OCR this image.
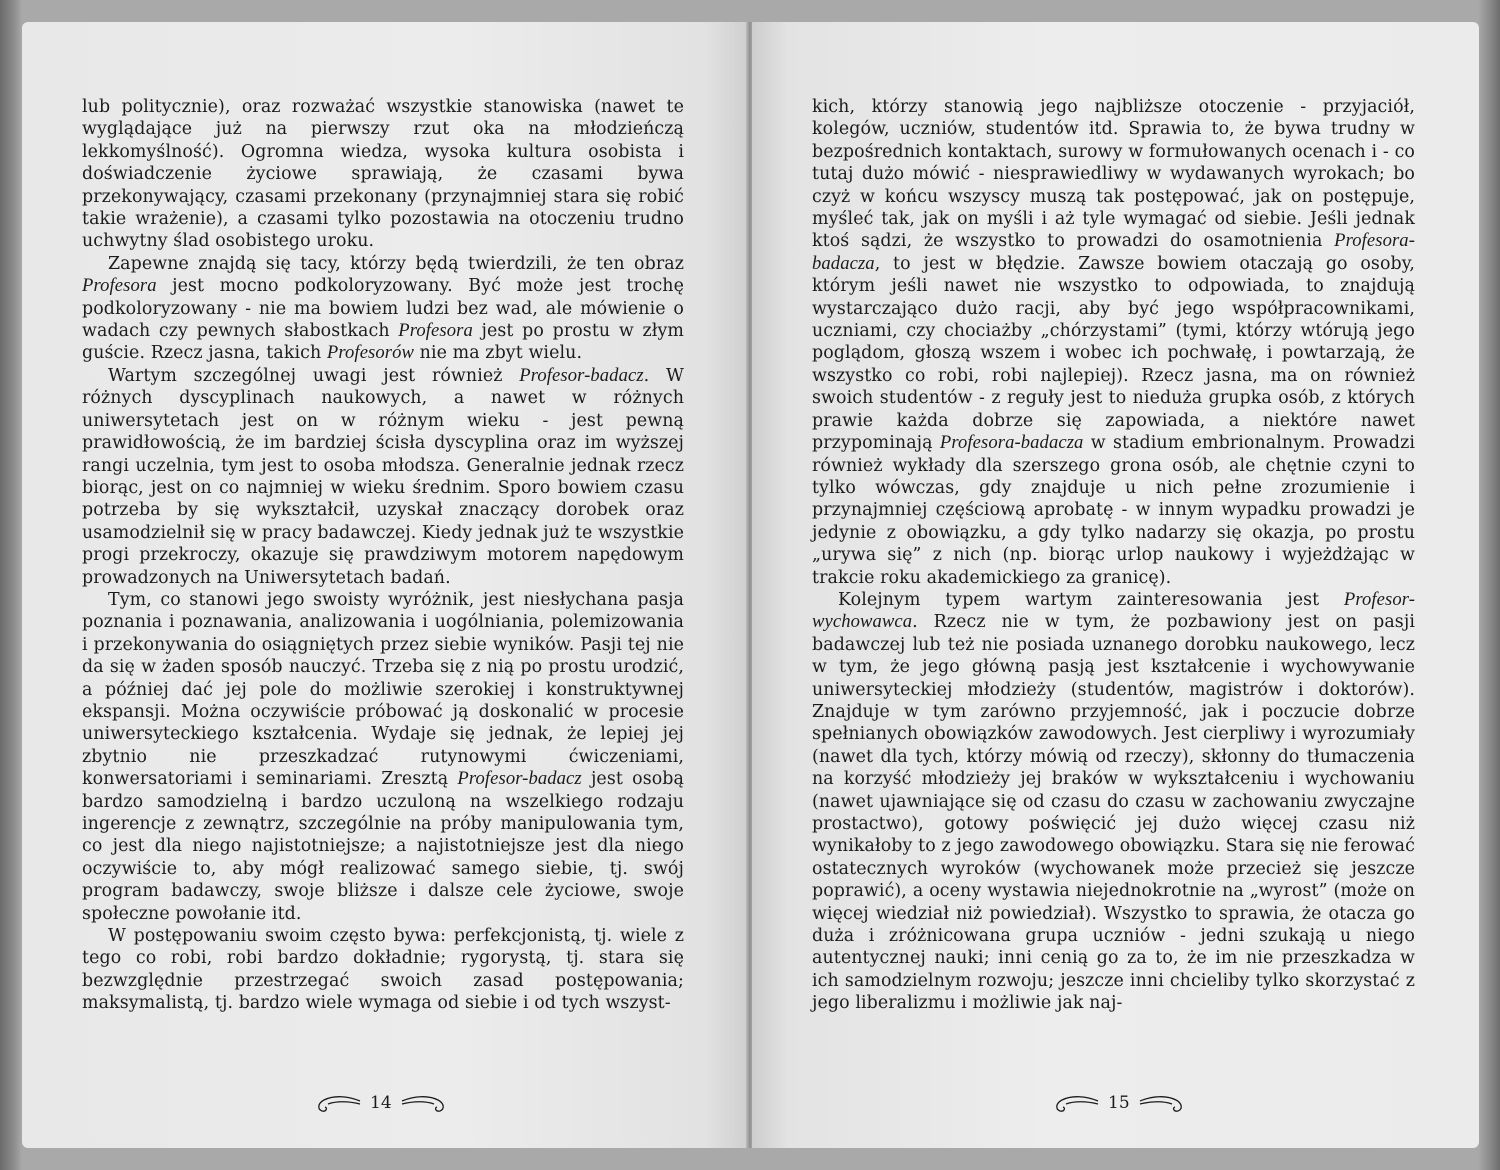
lub politycznie), oraz rozważać wszystkie stanowiska (nawet te wyglądające już na pierwszy rzut oka na młodzieńczą lekkomyślność). Ogromna wiedza, wysoka kultura osobista i doświadczenie życiowe sprawiają, że czasami bywa przekonywający, czasami przekonany (przynajmniej stara się robić takie wrażenie), a czasami tylko pozostawia na otoczeniu trudno uchwytny ślad osobistego uroku.

Zapewne znajdą się tacy, którzy będą twierdzili, że ten obraz Profesora jest mocno podkoloryzowany. Być może jest trochę podkoloryzowany - nie ma bowiem ludzi bez wad, ale mówienie o wadach czy pewnych słabostkach Profesora jest po prostu w złym guście. Rzecz jasna, takich Profesorów nie ma zbyt wielu.

Wartym szczególnej uwagi jest również Profesor-badacz. W różnych dyscyplinach naukowych, a nawet w różnych uniwersytetach jest on w różnym wieku - jest pewną prawidłowością, że im bardziej ścisła dyscyplina oraz im wyższej rangi uczelnia, tym jest to osoba młodsza. Generalnie jednak rzecz biorąc, jest on co najmniej w wieku średnim. Sporo bowiem czasu potrzeba by się wykształcił, uzyskał znaczący dorobek oraz usamodzielnił się w pracy badawczej. Kiedy jednak już te wszystkie progi przekroczy, okazuje się prawdziwym motorem napędowym prowadzonych na Uniwersytetach badań.

Tym, co stanowi jego swoisty wyróżnik, jest niesłychana pasja poznania i poznawania, analizowania i uogólniania, polemizowania i przekonywania do osiągniętych przez siebie wyników. Pasji tej nie da się w żaden sposób nauczyć. Trzeba się z nią po prostu urodzić, a później dać jej pole do możliwie szerokiej i konstruktywnej ekspansji. Można oczywiście próbować ją doskonalić w procesie uniwersyteckiego kształcenia. Wydaje się jednak, że lepiej jej zbytnio nie przeszkadzać rutynowymi ćwiczeniami, konwersatoriami i seminariami. Zresztą Profesor-badacz jest osobą bardzo samodzielną i bardzo uczuloną na wszelkiego rodzaju ingerencje z zewnątrz, szczególnie na próby manipulowania tym, co jest dla niego najistotniejsze; a najistotniejsze jest dla niego oczywiście to, aby mógł realizować samego siebie, tj. swój program badawczy, swoje bliższe i dalsze cele życiowe, swoje społeczne powołanie itd.

W postępowaniu swoim często bywa: perfekcjonistą, tj. wiele z tego co robi, robi bardzo dokładnie; rygorystą, tj. stara się bezwzględnie przestrzegać swoich zasad postępowania; maksymalistą, tj. bardzo wiele wymaga od siebie i od tych wszyst-

14

kich, którzy stanowią jego najbliższe otoczenie - przyjaciół, kolegów, uczniów, studentów itd. Sprawia to, że bywa trudny w bezpośrednich kontaktach, surowy w formułowanych ocenach i - co tutaj dużo mówić - niesprawiedliwy w wydawanych wyrokach; bo czyż w końcu wszyscy muszą tak postępować, jak on postępuje, myśleć tak, jak on myśli i aż tyle wymagać od siebie. Jeśli jednak ktoś sądzi, że wszystko to prowadzi do osamotnienia Profesora-badacza, to jest w błędzie. Zawsze bowiem otaczają go osoby, którym jeśli nawet nie wszystko to odpowiada, to znajdują wystarczająco dużo racji, aby być jego współpracownikami, uczniami, czy chociażby „chórzystami” (tymi, którzy wtórują jego poglądom, głoszą wszem i wobec ich pochwałę, i powtarzają, że wszystko co robi, robi najlepiej). Rzecz jasna, ma on również swoich studentów - z reguły jest to nieduża grupka osób, z których prawie każda dobrze się zapowiada, a niektóre nawet przypominają Profesora-badacza w stadium embrionalnym. Prowadzi również wykłady dla szerszego grona osób, ale chętnie czyni to tylko wówczas, gdy znajduje u nich pełne zrozumienie i przynajmniej częściową aprobatę - w innym wypadku prowadzi je jedynie z obowiązku, a gdy tylko nadarzy się okazja, po prostu „urywa się” z nich (np. biorąc urlop naukowy i wyjeżdżając w trakcie roku akademickiego za granicę).

Kolejnym typem wartym zainteresowania jest Profesor-wychowawca. Rzecz nie w tym, że pozbawiony jest on pasji badawczej lub też nie posiada uznanego dorobku naukowego, lecz w tym, że jego główną pasją jest kształcenie i wychowywanie uniwersyteckiej młodzieży (studentów, magistrów i doktorów). Znajduje w tym zarówno przyjemność, jak i poczucie dobrze spełnianych obowiązków zawodowych. Jest cierpliwy i wyrozumiały (nawet dla tych, którzy mówią od rzeczy), skłonny do tłumaczenia na korzyść młodzieży jej braków w wykształceniu i wychowaniu (nawet ujawniające się od czasu do czasu w zachowaniu zwyczajne prostactwo), gotowy poświęcić jej dużo więcej czasu niż wynikałoby to z jego zawodowego obowiązku. Stara się nie ferować ostatecznych wyroków (wychowanek może przecież się jeszcze poprawić), a oceny wystawia niejednokrotnie na „wyrost” (może on więcej wiedział niż powiedział). Wszystko to sprawia, że otacza go duża i zróżnicowana grupa uczniów - jedni szukają u niego autentycznej nauki; inni cenią go za to, że im nie przeszkadza w ich samodzielnym rozwoju; jeszcze inni chcieliby tylko skorzystać z jego liberalizmu i możliwie jak naj-

15
